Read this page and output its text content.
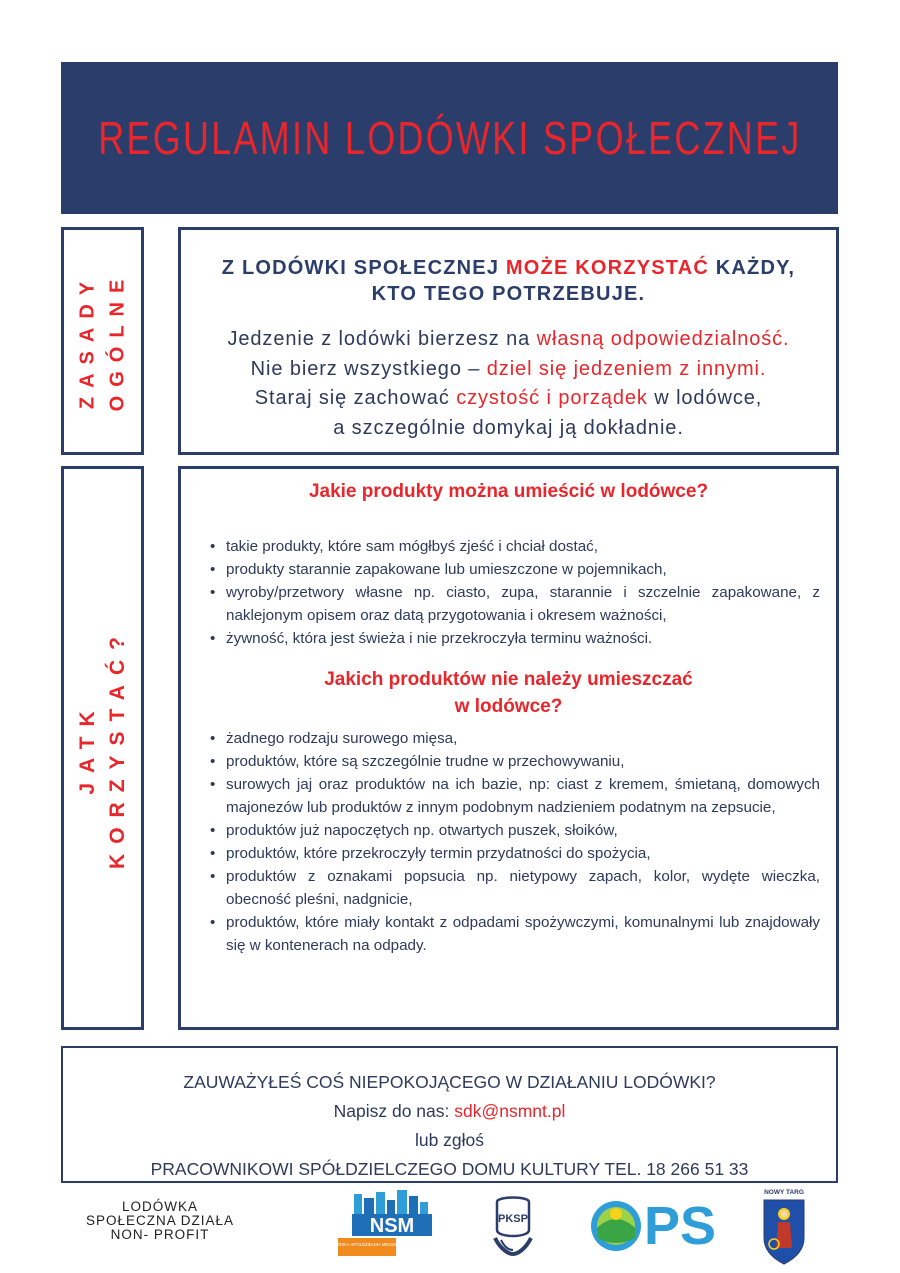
REGULAMIN LODÓWKI SPOŁECZNEJ
ZASADY OGÓLNE
Z LODÓWKI SPOŁECZNEJ MOŻE KORZYSTAĆ KAŻDY,
KTO TEGO POTRZEBUJE.
Jedzenie z lodówki bierzesz na własną odpowiedzialność.
Nie bierz wszystkiego – dziel się jedzeniem z innymi.
Staraj się zachować czystość i porządek w lodówce,
a szczególnie domykaj ją dokładnie.
JATK KORZYSTAĆ?
Jakie produkty można umieścić w lodówce?
• takie produkty, które sam mógłbyś zjeść i chciał dostać,
• produkty starannie zapakowane lub umieszczone w pojemnikach,
• wyroby/przetwory własne np. ciasto, zupa, starannie i szczelnie zapakowane, z naklejonym opisem oraz datą przygotowania i okresem ważności,
• żywność, która jest świeża i nie przekroczyła terminu ważności.
Jakich produktów nie należy umieszczać
w lodówce?
• żadnego rodzaju surowego mięsa,
• produktów, które są szczególnie trudne w przechowywaniu,
• surowych jaj oraz produktów na ich bazie, np: ciast z kremem, śmietaną, domowych majonezów lub produktów z innym podobnym nadzieniem podatnym na zepsucie,
• produktów już napoczętych np. otwartych puszek, słoików,
• produktów, które przekroczyły termin przydatności do spożycia,
• produktów z oznakami popsucia np. nietypowy zapach, kolor, wydęte wieczka, obecność pleśni, nadgnicie,
• produktów, które miały kontakt z odpadami spożywczymi, komunalnymi lub znajdowały się w kontenerach na odpady.
ZAUWAŻYŁEŚ COŚ NIEPOKOJĄCEGO W DZIAŁANIU LODÓWKI?
Napisz do nas: sdk@nsmnt.pl
lub zgłoś
PRACOWNIKOWI SPÓŁDZIELCZEGO DOMU KULTURY TEL. 18 266 51 33
LODÓWKA
SPOŁECZNA DZIAŁA
NON- PROFIT	NSM
NOWOTARSKA SPÓŁDZIELNIA MIESZKANIOWA
PKSP PS
NOWY TARG
